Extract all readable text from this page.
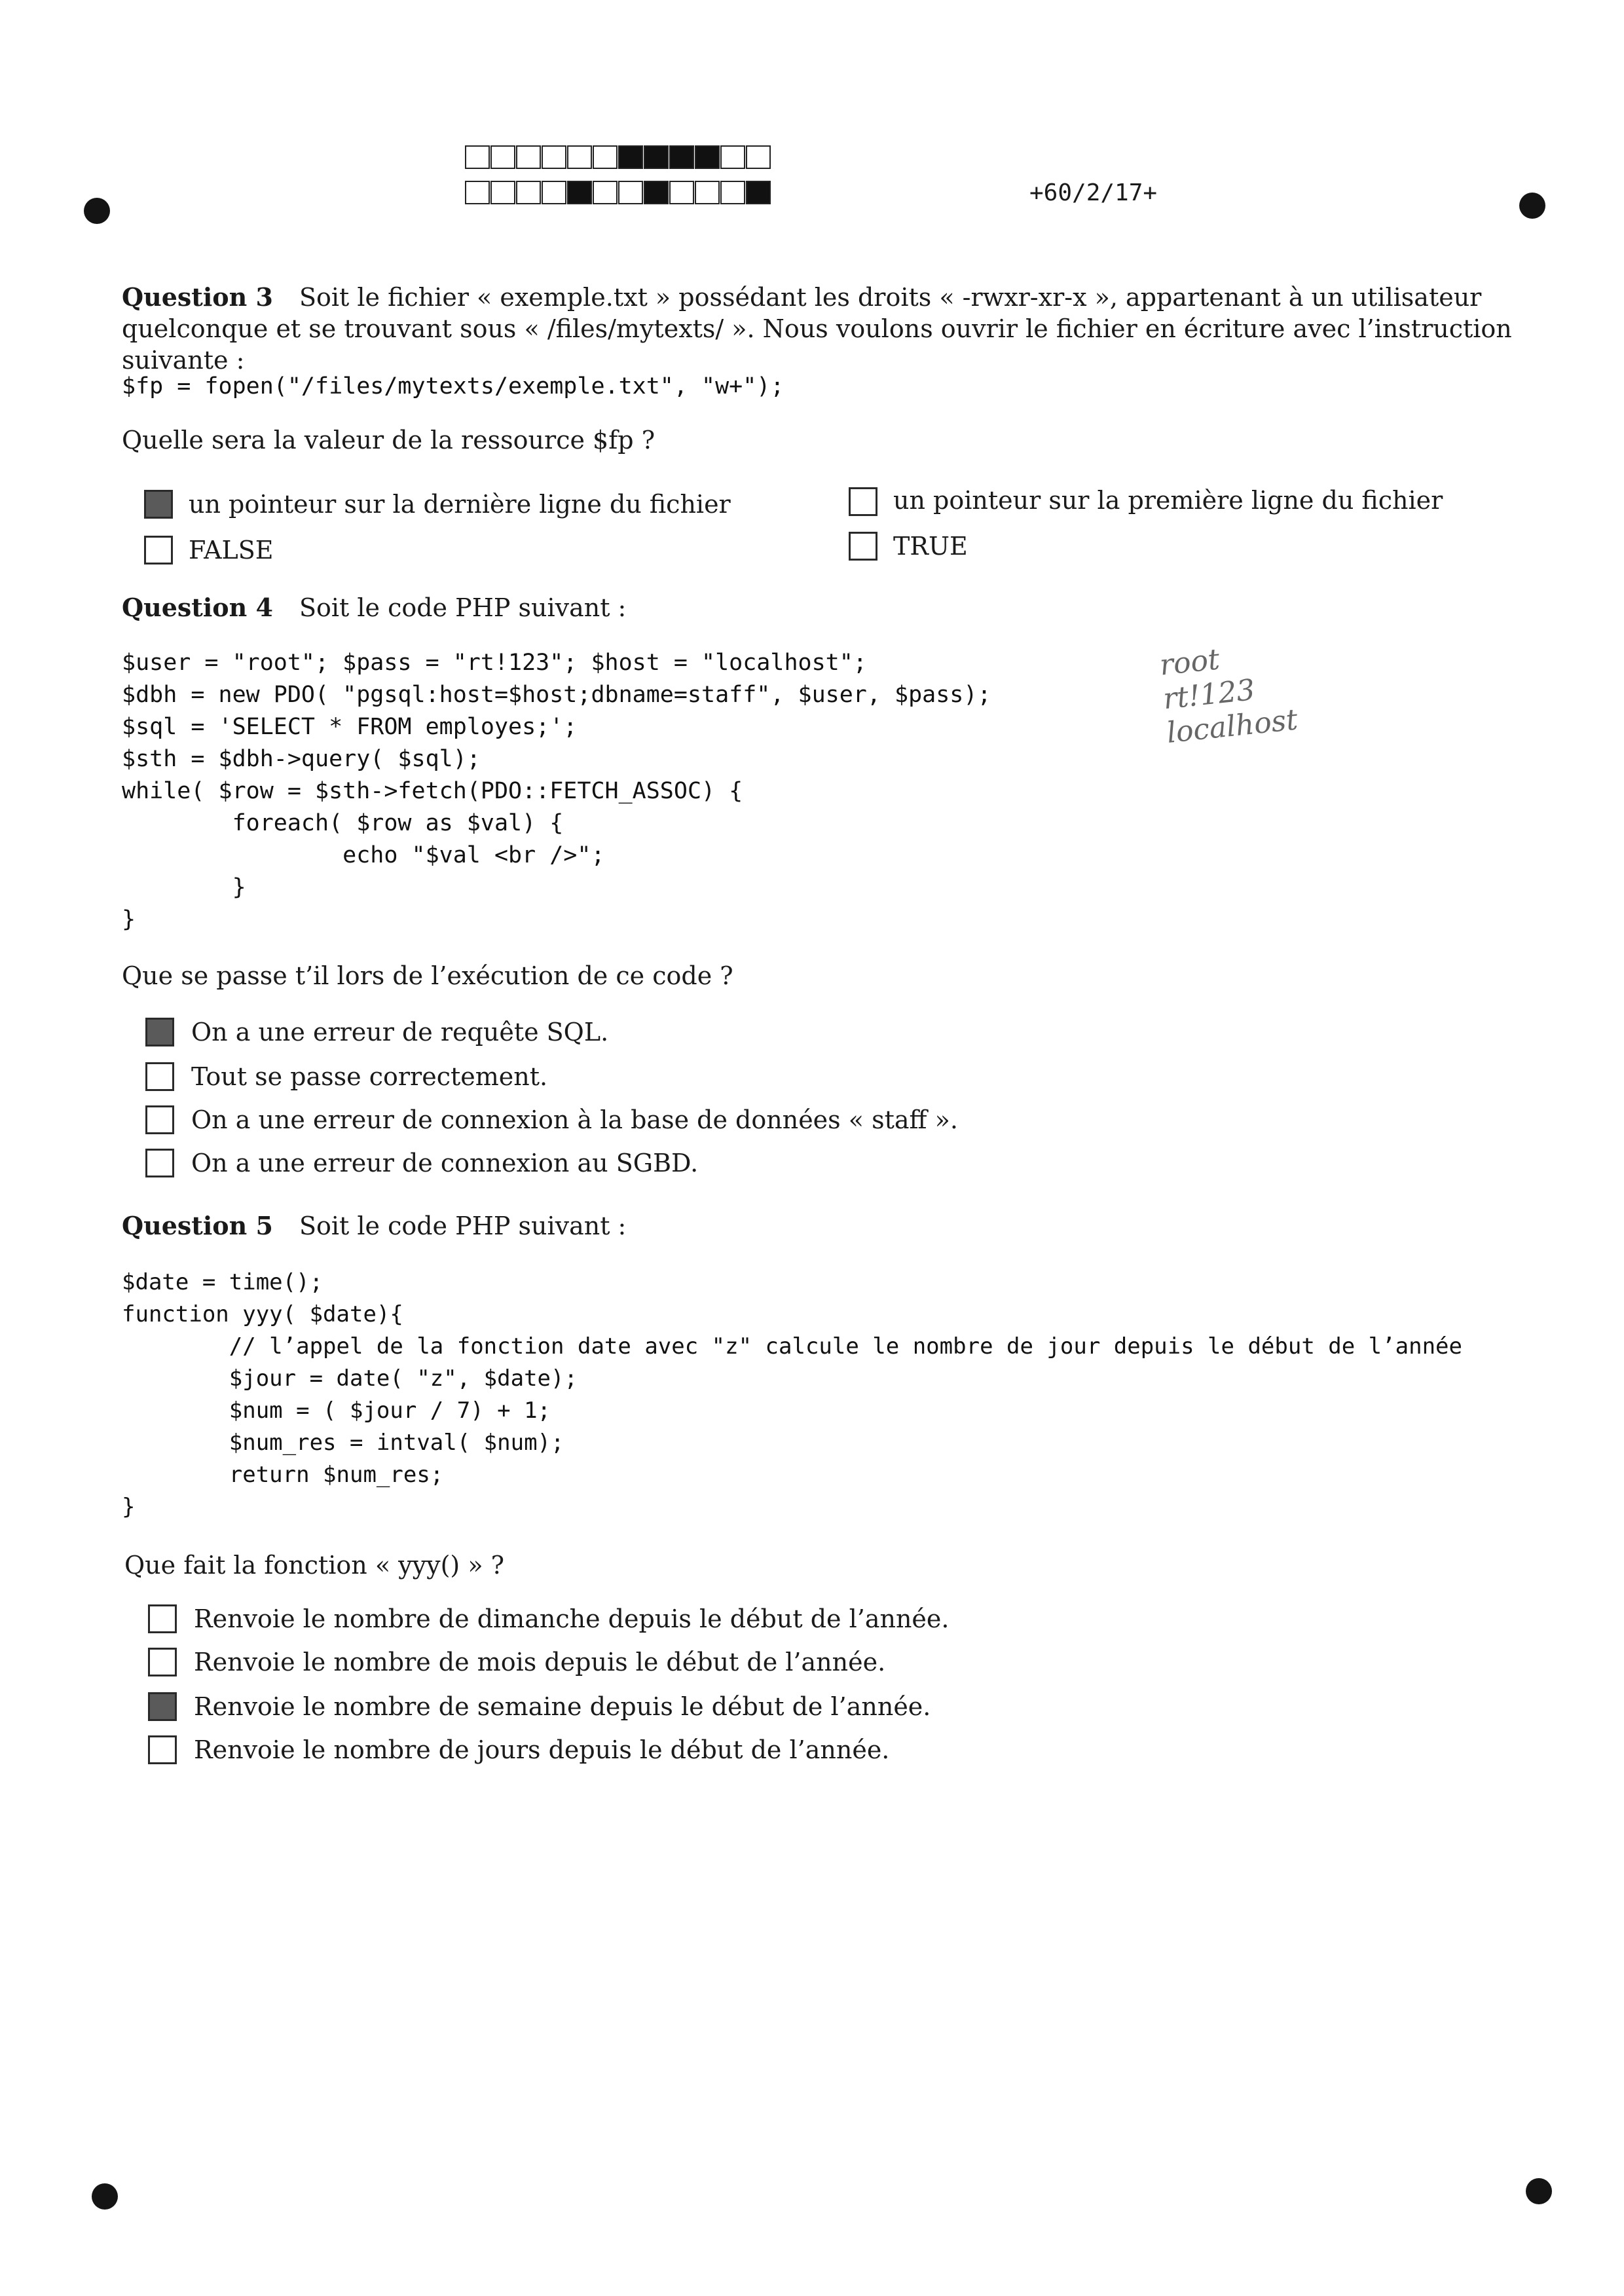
+60/2/17+
Question 3 Soit le fichier « exemple.txt » possédant les droits « -rwxr-xr-x », appartenant à un utilisateur quelconque et se trouvant sous « /files/mytexts/ ». Nous voulons ouvrir le fichier en écriture avec l’instruction suivante :
$fp = fopen("/files/mytexts/exemple.txt", "w+");
Quelle sera la valeur de la ressource $fp ?
un pointeur sur la dernière ligne du fichier	un pointeur sur la première ligne du fichier
FALSE	TRUE
Question 4 Soit le code PHP suivant :
$user = "root"; $pass = "rt!123"; $host = "localhost";
$dbh = new PDO( "pgsql:host=$host;dbname=staff", $user, $pass);
$sql = 'SELECT * FROM employes;';
$sth = $dbh->query( $sql);
while( $row = $sth->fetch(PDO::FETCH_ASSOC) {
foreach( $row as $val) {
echo "$val <br />";
}
}
root
rt!123
localhost
Que se passe t’il lors de l’exécution de ce code ?
On a une erreur de requête SQL.
Tout se passe correctement.
On a une erreur de connexion à la base de données « staff ».
On a une erreur de connexion au SGBD.
Question 5 Soit le code PHP suivant :
$date = time();
function yyy( $date){
// l’appel de la fonction date avec "z" calcule le nombre de jour depuis le début de l’année
$jour = date( "z", $date);
$num = ( $jour / 7) + 1;
$num_res = intval( $num);
return $num_res;
}
Que fait la fonction « yyy() » ?
Renvoie le nombre de dimanche depuis le début de l’année.
Renvoie le nombre de mois depuis le début de l’année.
Renvoie le nombre de semaine depuis le début de l’année.
Renvoie le nombre de jours depuis le début de l’année.
